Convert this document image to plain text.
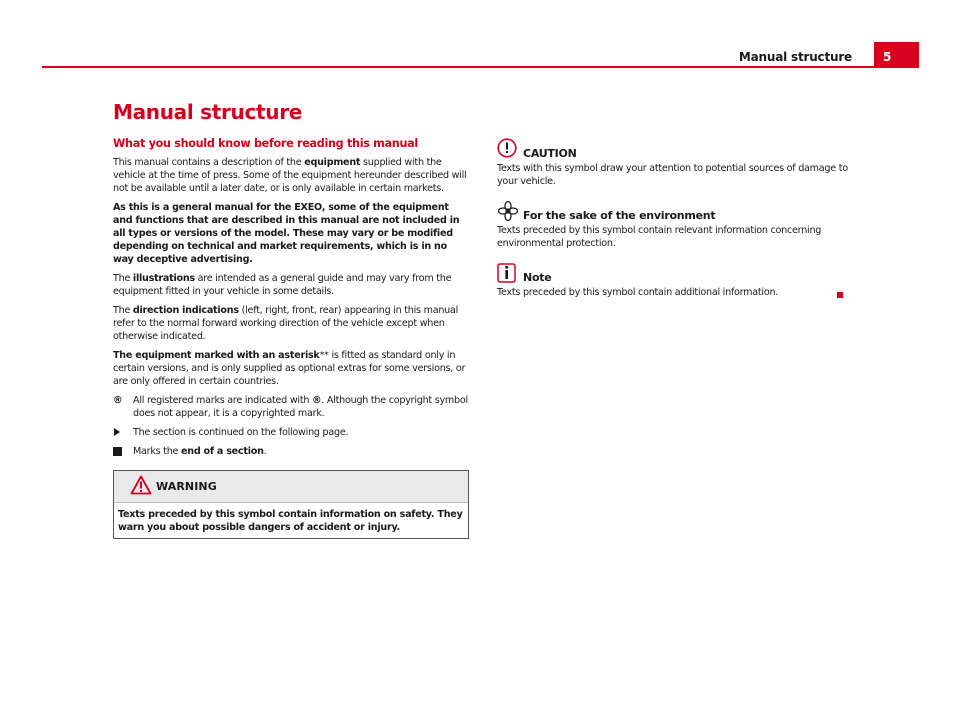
Manual structure	5
Manual structure
What you should know before reading this manual

This manual contains a description of the equipment supplied with the vehicle at the time of press. Some of the equipment hereunder described will not be available until a later date, or is only available in certain markets.

As this is a general manual for the EXEO, some of the equipment and functions that are described in this manual are not included in all types or versions of the model. These may vary or be modified depending on technical and market requirements, which is in no way deceptive advertising.

The illustrations are intended as a general guide and may vary from the equipment fitted in your vehicle in some details.

The direction indications (left, right, front, rear) appearing in this manual refer to the normal forward working direction of the vehicle except when otherwise indicated.

The equipment marked with an asterisk** is fitted as standard only in certain versions, and is only supplied as optional extras for some versions, or are only offered in certain countries.

®	All registered marks are indicated with ®. Although the copyright symbol does not appear, it is a copyrighted mark.
The section is continued on the following page.
Marks the end of a section.
WARNING
Texts preceded by this symbol contain information on safety. They warn you about possible dangers of accident or injury.
CAUTION
Texts with this symbol draw your attention to potential sources of damage to your vehicle.
For the sake of the environment
Texts preceded by this symbol contain relevant information concerning environmental protection.
Note
Texts preceded by this symbol contain additional information.
